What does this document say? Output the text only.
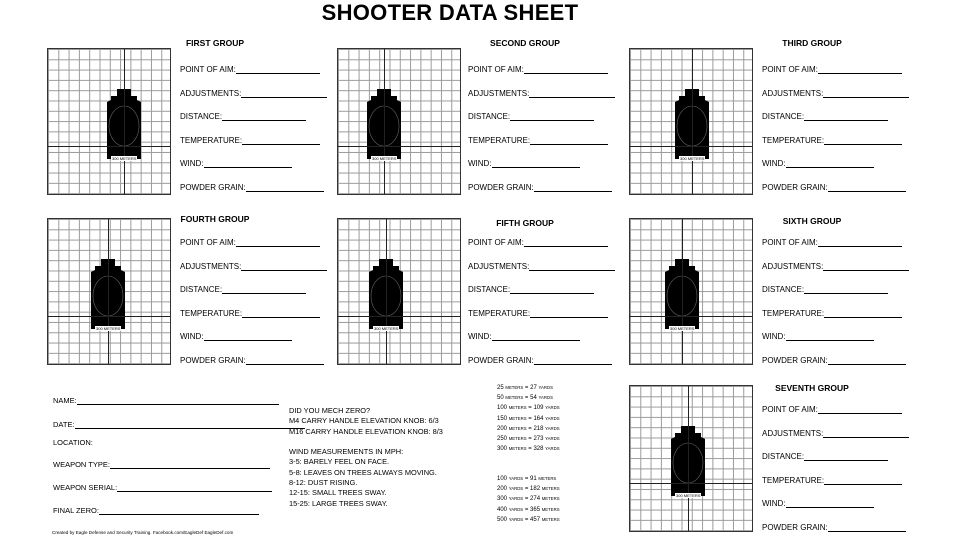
SHOOTER DATA SHEET
300 METERS
FIRST GROUP
POINT OF AIM:
ADJUSTMENTS:
DISTANCE:
TEMPERATURE:
WIND:
POWDER GRAIN:
300 METERS
SECOND GROUP
POINT OF AIM:
ADJUSTMENTS:
DISTANCE:
TEMPERATURE:
WIND:
POWDER GRAIN:
300 METERS
THIRD GROUP
POINT OF AIM:
ADJUSTMENTS:
DISTANCE:
TEMPERATURE:
WIND:
POWDER GRAIN:
300 METERS
FOURTH GROUP
POINT OF AIM:
ADJUSTMENTS:
DISTANCE:
TEMPERATURE:
WIND:
POWDER GRAIN:
300 METERS
FIFTH GROUP
POINT OF AIM:
ADJUSTMENTS:
DISTANCE:
TEMPERATURE:
WIND:
POWDER GRAIN:
300 METERS
SIXTH GROUP
POINT OF AIM:
ADJUSTMENTS:
DISTANCE:
TEMPERATURE:
WIND:
POWDER GRAIN:
300 METERS
SEVENTH GROUP
POINT OF AIM:
ADJUSTMENTS:
DISTANCE:
TEMPERATURE:
WIND:
POWDER GRAIN:
NAME:
DATE:
LOCATION:
WEAPON TYPE:
WEAPON SERIAL:
FINAL ZERO:
DID YOU MECH ZERO?
M4 CARRY HANDLE ELEVATION KNOB: 6/3
M16 CARRY HANDLE ELEVATION KNOB: 8/3

WIND MEASUREMENTS IN MPH:
3-5: BARELY FEEL ON FACE.
5-8: LEAVES ON TREES ALWAYS MOVING.
8-12: DUST RISING.
12-15: SMALL TREES SWAY.
15-25: LARGE TREES SWAY.
25 METERS = 27 YARDS
50 METERS = 54 YARDS
100 METERS = 109 YARDS
150 METERS = 164 YARDS
200 METERS = 218 YARDS
250 METERS = 273 YARDS
300 METERS = 328 YARDS
100 YARDS = 91 METERS
200 YARDS = 182 METERS
300 YARDS = 274 METERS
400 YARDS = 365 METERS
500 YARDS = 457 METERS
Created by Eagle Defense and Security Training. Facebook.com/EagleDef EagleDef.com
